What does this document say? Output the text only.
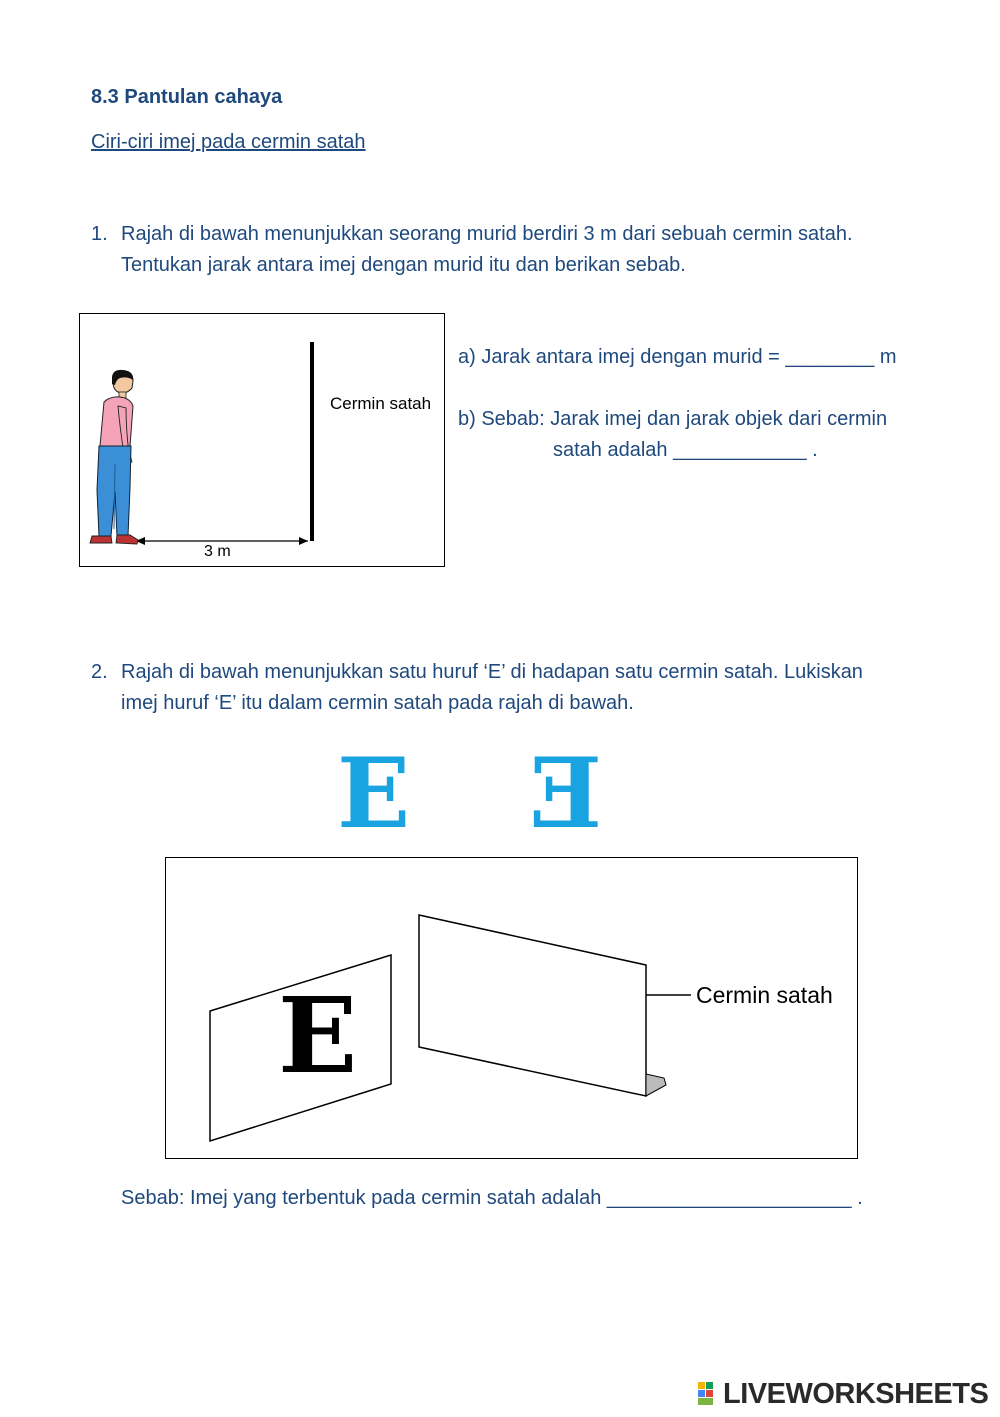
8.3 Pantulan cahaya
Ciri-ciri imej pada cermin satah
1. Rajah di bawah menunjukkan seorang murid berdiri 3 m dari sebuah cermin satah.
Tentukan jarak antara imej dengan murid itu dan berikan sebab.
Cermin satah
3 m
a) Jarak antara imej dengan murid = ________ m
b) Sebab: Jarak imej dan jarak objek dari cermin
satah adalah ____________ .
2. Rajah di bawah menunjukkan satu huruf ‘E’ di hadapan satu cermin satah. Lukiskan
imej huruf ‘E’ itu dalam cermin satah pada rajah di bawah.
E E
E	Cermin satah
Sebab: Imej yang terbentuk pada cermin satah adalah ______________________ .
LIVEWORKSHEETS
